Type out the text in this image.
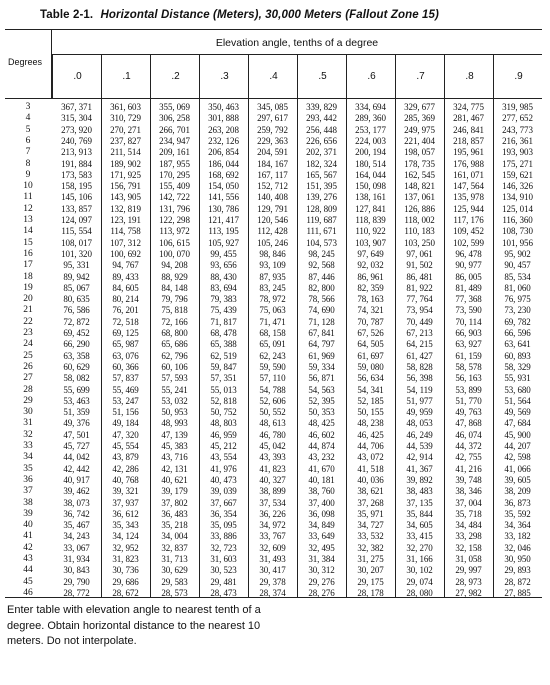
Table 2-1. Horizontal Distance (Meters), 30,000 Meters (Fallout Zone 15)
Degrees
Elevation angle, tenths of a degree
.0	.1	.2	.3	.4	.5	.6	.7	.8	.9
3	367, 371	361, 603	355, 069	350, 463	345, 085	339, 829	334, 694	329, 677	324, 775	319, 985
4	315, 304	310, 729	306, 258	301, 888	297, 617	293, 442	289, 360	285, 369	281, 467	277, 652
5	273, 920	270, 271	266, 701	263, 208	259, 792	256, 448	253, 177	249, 975	246, 841	243, 773
6	240, 769	237, 827	234, 947	232, 126	229, 363	226, 656	224, 003	221, 404	218, 857	216, 361
7	213, 913	211, 514	209, 161	206, 854	204, 591	202, 371	200, 194	198, 057	195, 961	193, 903
8	191, 884	189, 902	187, 955	186, 044	184, 167	182, 324	180, 514	178, 735	176, 988	175, 271
9	173, 583	171, 925	170, 295	168, 692	167, 117	165, 567	164, 044	162, 545	161, 071	159, 621
10	158, 195	156, 791	155, 409	154, 050	152, 712	151, 395	150, 098	148, 821	147, 564	146, 326
11	145, 106	143, 905	142, 722	141, 556	140, 408	139, 276	138, 161	137, 061	135, 978	134, 910
12	133, 857	132, 819	131, 796	130, 786	129, 791	128, 809	127, 841	126, 886	125, 944	125, 014
13	124, 097	123, 191	122, 298	121, 417	120, 546	119, 687	118, 839	118, 002	117, 176	116, 360
14	115, 554	114, 758	113, 972	113, 195	112, 428	111, 671	110, 922	110, 183	109, 452	108, 730
15	108, 017	107, 312	106, 615	105, 927	105, 246	104, 573	103, 907	103, 250	102, 599	101, 956
16	101, 320	100, 692	100, 070	99, 455	98, 846	98, 245	97, 649	97, 061	96, 478	95, 902
17	95, 331	94, 767	94, 208	93, 656	93, 109	92, 568	92, 032	91, 502	90, 977	90, 457
18	89, 942	89, 433	88, 929	88, 430	87, 935	87, 446	86, 961	86, 481	86, 005	85, 534
19	85, 067	84, 605	84, 148	83, 694	83, 245	82, 800	82, 359	81, 922	81, 489	81, 060
20	80, 635	80, 214	79, 796	79, 383	78, 972	78, 566	78, 163	77, 764	77, 368	76, 975
21	76, 586	76, 201	75, 818	75, 439	75, 063	74, 690	74, 321	73, 954	73, 590	73, 230
22	72, 872	72, 518	72, 166	71, 817	71, 471	71, 128	70, 787	70, 449	70, 114	69, 782
23	69, 452	69, 125	68, 800	68, 478	68, 158	67, 841	67, 526	67, 213	66, 903	66, 596
24	66, 290	65, 987	65, 686	65, 388	65, 091	64, 797	64, 505	64, 215	63, 927	63, 641
25	63, 358	63, 076	62, 796	62, 519	62, 243	61, 969	61, 697	61, 427	61, 159	60, 893
26	60, 629	60, 366	60, 106	59, 847	59, 590	59, 334	59, 080	58, 828	58, 578	58, 329
27	58, 082	57, 837	57, 593	57, 351	57, 110	56, 871	56, 634	56, 398	56, 163	55, 931
28	55, 699	55, 469	55, 241	55, 013	54, 788	54, 563	54, 341	54, 119	53, 899	53, 680
29	53, 463	53, 247	53, 032	52, 818	52, 606	52, 395	52, 185	51, 977	51, 770	51, 564
30	51, 359	51, 156	50, 953	50, 752	50, 552	50, 353	50, 155	49, 959	49, 763	49, 569
31	49, 376	49, 184	48, 993	48, 803	48, 613	48, 425	48, 238	48, 053	47, 868	47, 684
32	47, 501	47, 320	47, 139	46, 959	46, 780	46, 602	46, 425	46, 249	46, 074	45, 900
33	45, 727	45, 554	45, 383	45, 212	45, 042	44, 874	44, 706	44, 539	44, 372	44, 207
34	44, 042	43, 879	43, 716	43, 554	43, 393	43, 232	43, 072	42, 914	42, 755	42, 598
35	42, 442	42, 286	42, 131	41, 976	41, 823	41, 670	41, 518	41, 367	41, 216	41, 066
36	40, 917	40, 768	40, 621	40, 473	40, 327	40, 181	40, 036	39, 892	39, 748	39, 605
37	39, 462	39, 321	39, 179	39, 039	38, 899	38, 760	38, 621	38, 483	38, 346	38, 209
38	38, 073	37, 937	37, 802	37, 667	37, 534	37, 400	37, 268	37, 135	37, 004	36, 873
39	36, 742	36, 612	36, 483	36, 354	36, 226	36, 098	35, 971	35, 844	35, 718	35, 592
40	35, 467	35, 343	35, 218	35, 095	34, 972	34, 849	34, 727	34, 605	34, 484	34, 364
41	34, 243	34, 124	34, 004	33, 886	33, 767	33, 649	33, 532	33, 415	33, 298	33, 182
42	33, 067	32, 952	32, 837	32, 723	32, 609	32, 495	32, 382	32, 270	32, 158	32, 046
43	31, 934	31, 823	31, 713	31, 603	31, 493	31, 384	31, 275	31, 166	31, 058	30, 950
44	30, 843	30, 736	30, 629	30, 523	30, 417	30, 312	30, 207	30, 102	29, 997	29, 893
45	29, 790	29, 686	29, 583	29, 481	29, 378	29, 276	29, 175	29, 074	28, 973	28, 872
46	28, 772	28, 672	28, 573	28, 473	28, 374	28, 276	28, 178	28, 080	27, 982	27, 885
Enter table with elevation angle to nearest tenth of a degree. Obtain horizontal distance to the nearest 10 meters. Do not interpolate.
